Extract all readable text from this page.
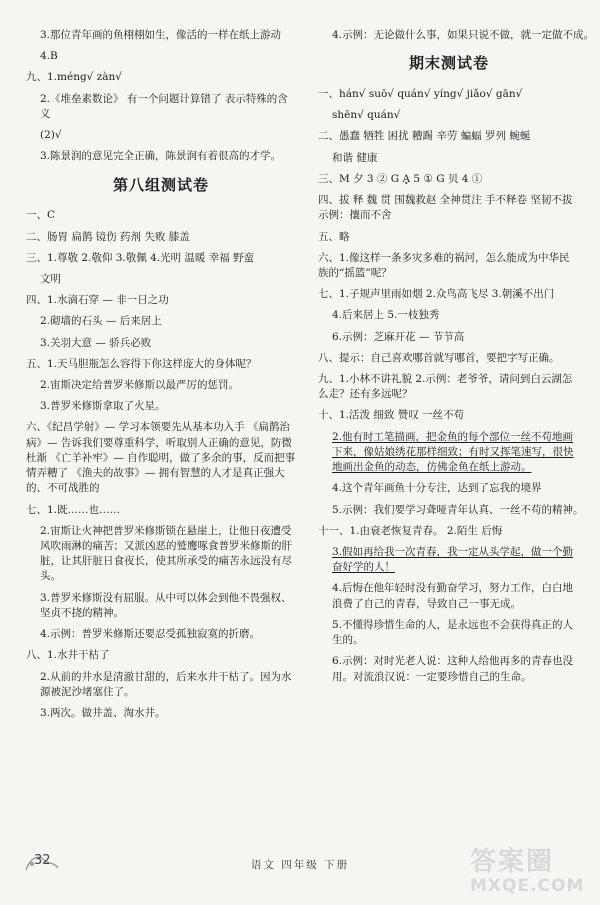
3.那位青年画的鱼栩栩如生，像活的一样在纸上游动
4.B
九、1.méng√ zàn√
2.《堆垒素数论》 有一个问题计算错了 表示特殊的含义
(2)√
3.陈景润的意见完全正确，陈景润有着很高的才学。
第八组测试卷
一、C
二、肠胃 扁鹊 镜伤 药剂 失败 膝盖
三、1.尊敬 2.敬仰 3.敬佩 4.光明 温暖 幸福 野蛮
文明
四、1.水滴石穿 — 非一日之功
2.砌墙的石头 — 后来居上
3.关羽大意 — 骄兵必败
五、1.天马胆瓶怎么容得下你这样庞大的身体呢？
2.宙斯决定给普罗米修斯以最严厉的惩罚。
3.普罗米修斯拿取了火星。
六、《纪昌学射》— 学习本领要先从基本功入手 《扁鹊治病》— 告诉我们要尊重科学，听取别人正确的意见，防微杜渐 《亡羊补牢》— 自作聪明，做了多余的事，反而把事情弄糟了 《渔夫的故事》— 拥有智慧的人才是真正强大的、不可战胜的
七、1.既……也……
2.宙斯让火神把普罗米修斯锁在悬崖上，让他日夜遭受风吹雨淋的痛苦；又派凶恶的鹫鹰啄食普罗米修斯的肝脏，让其肝脏日食夜长，使其所承受的痛苦永远没有尽头。
3.普罗米修斯没有屈服。从中可以体会到他不畏强权、坚贞不挠的精神。
4.示例：普罗米修斯还要忍受孤独寂寞的折磨。
八、1.水井干枯了
2.从前的井水是清澈甘甜的，后来水井干枯了。因为水源被泥沙堵塞住了。
3.两次。做井盖、淘水井。
4.示例：无论做什么事，如果只说不做，就一定做不成。
期末测试卷
一、hán√ suō√ quán√ yíng√ jiǎo√ gān√
shēn√ quán√
二、愚蠢 牺牲 困扰 糟踢 辛劳 蝙蝠 罗列 蜿蜒
和谐 健康
三、M 夕 3 ② G Ḁ 5 ① G 贝 4 ①
四、拔 释 魏 贯 围魏救赵 全神贯注 手不释卷 坚韧不拔 示例：攘而不舍
五、略
六、1.像这样一条多灾多难的祸河，怎么能成为中华民族的“摇篮”呢？
七、1.子规声里雨如烟 2.众鸟高飞尽 3.朝溪不出门
4.后来居上 5.一枝独秀
6.示例：芝麻开花 — 节节高
八、提示：自己喜欢哪首就写哪首，要把字写正确。
九、1.小林不讲礼貌 2.示例：老爷爷，请问到白云湖怎么走？还有多远呢？
十、1.活泼 细致 赞叹 一丝不苟
2.他有时工笔描画，把金鱼的每个部位一丝不苟地画下来，像姑娘绣花那样细致；有时又挥笔速写，很快地画出金鱼的动态，仿佛金鱼在纸上游动。
4.这个青年画鱼十分专注，达到了忘我的境界
5.示例：我们要学习聋哑青年认真、一丝不苟的精神。
十一、1.由衰老恢复青春。 2.陌生 后悔
3.假如再给我一次青春，我一定从头学起，做一个勤奋好学的人！
4.后悔在他年轻时没有勤奋学习，努力工作，白白地浪费了自己的青春，导致自己一事无成。
5.不懂得珍惜生命的人，是永远也不会获得真正的人生的。
6.示例：对时光老人说：这种人给他再多的青春也没用。对流浪汉说：一定要珍惜自己的生命。
32	语文 四年级 下册	答案圈
MXQE.COM
